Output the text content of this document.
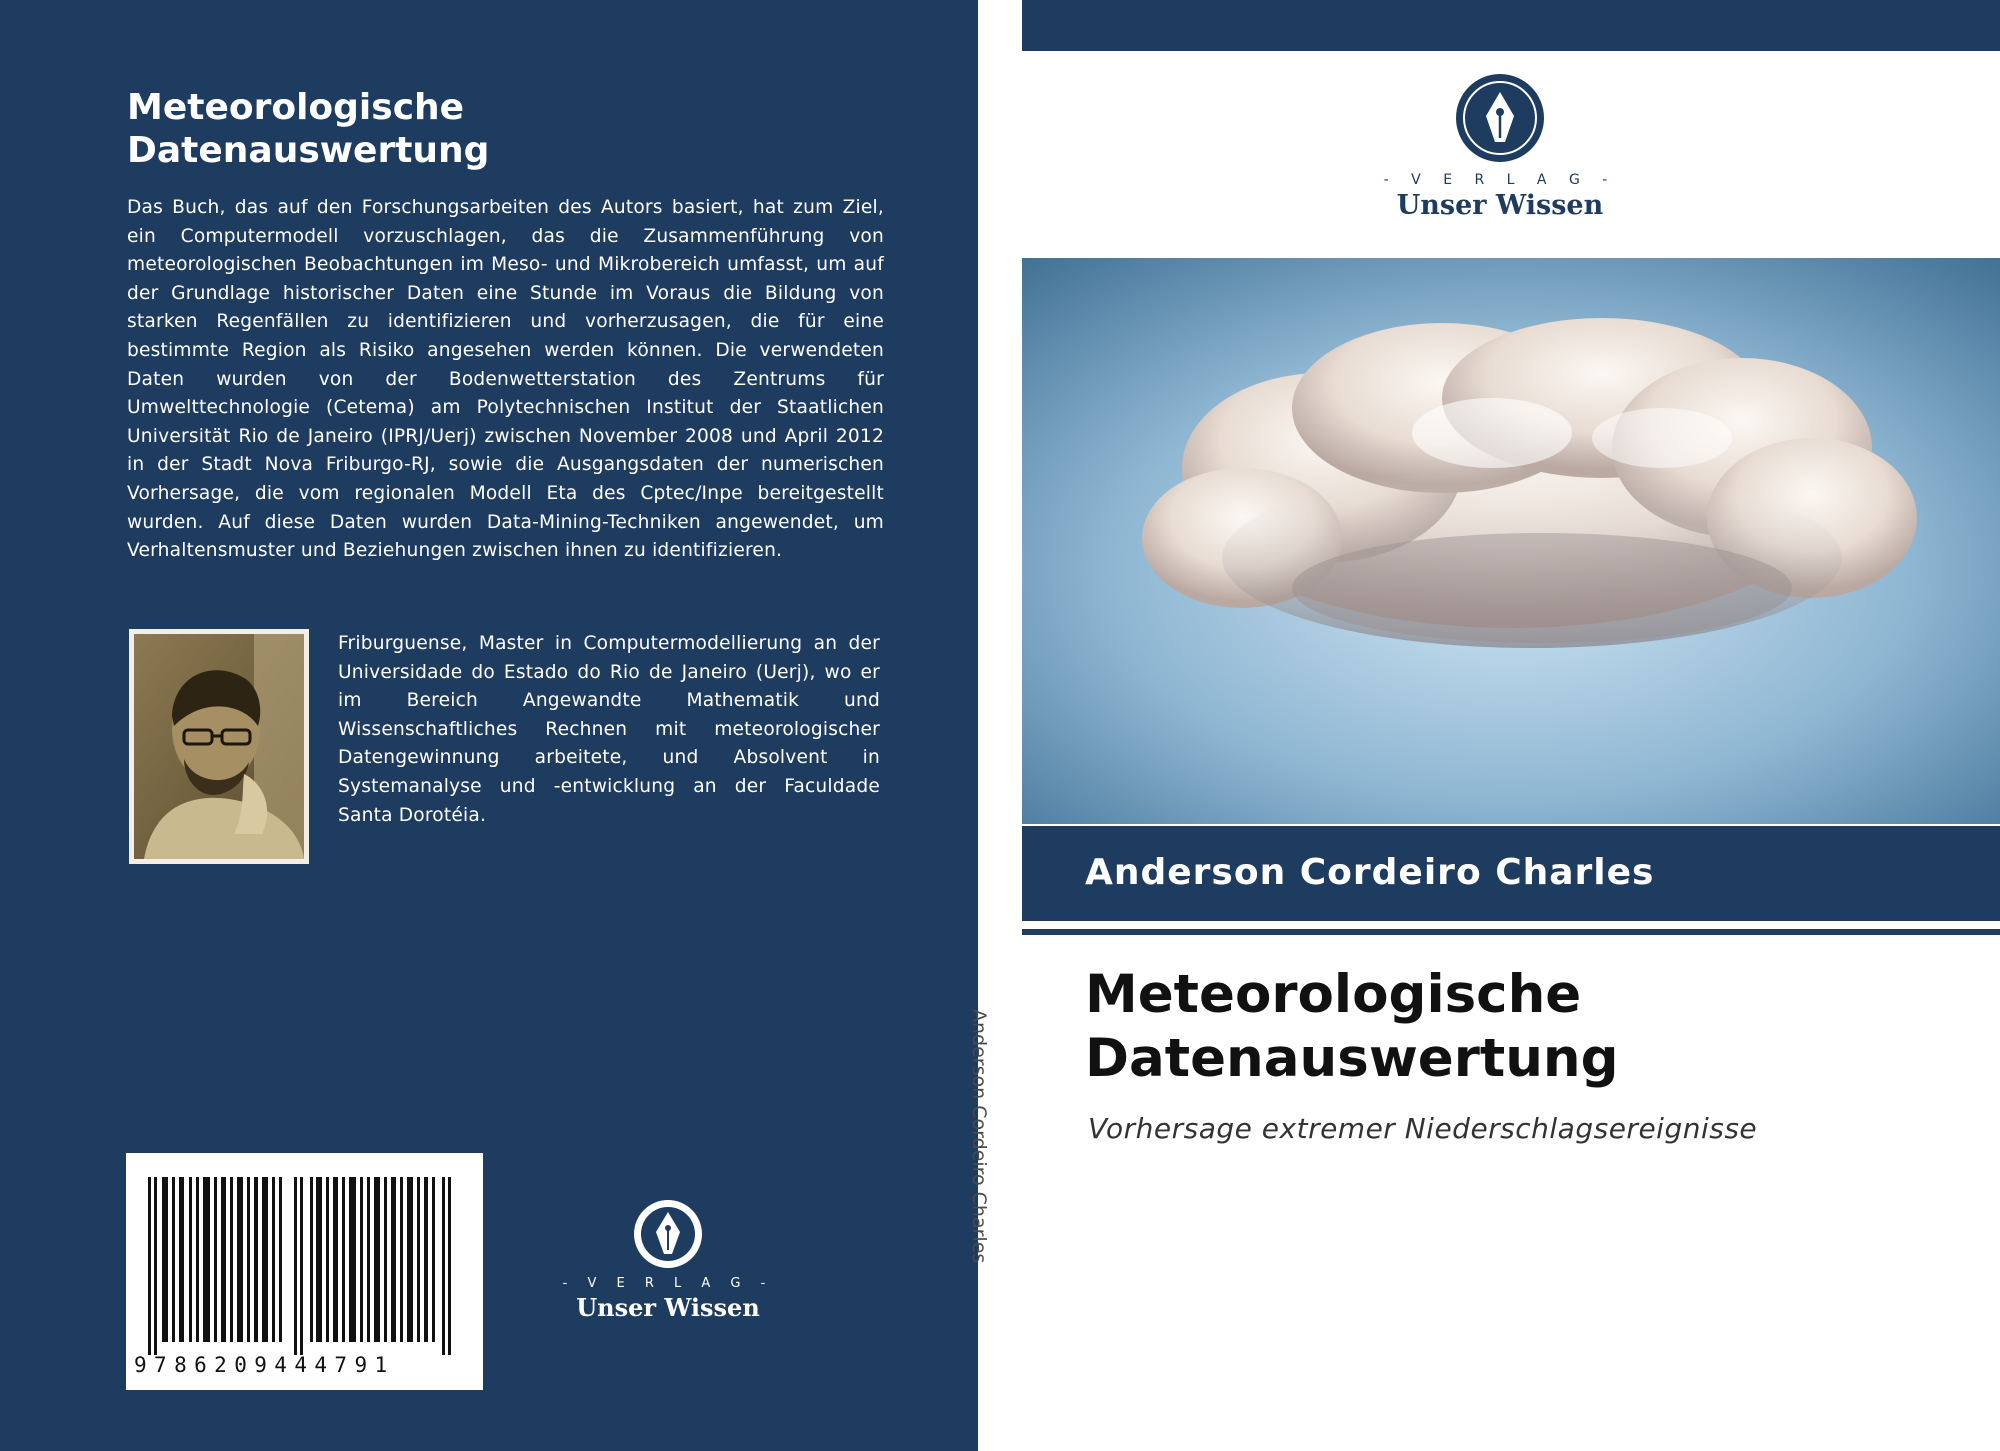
Meteorologische
Datenauswertung
Das Buch, das auf den Forschungsarbeiten des Autors basiert, hat zum Ziel, ein Computermodell vorzuschlagen, das die Zusammenführung von meteorologischen Beobachtungen im Meso- und Mikrobereich umfasst, um auf der Grundlage historischer Daten eine Stunde im Voraus die Bildung von starken Regenfällen zu identifizieren und vorherzusagen, die für eine bestimmte Region als Risiko angesehen werden können. Die verwendeten Daten wurden von der Bodenwetterstation des Zentrums für Umwelttechnologie (Cetema) am Polytechnischen Institut der Staatlichen Universität Rio de Janeiro (IPRJ/Uerj) zwischen November 2008 und April 2012 in der Stadt Nova Friburgo-RJ, sowie die Ausgangsdaten der numerischen Vorhersage, die vom regionalen Modell Eta des Cptec/Inpe bereitgestellt wurden. Auf diese Daten wurden Data-Mining-Techniken angewendet, um Verhaltensmuster und Beziehungen zwischen ihnen zu identifizieren.
Friburguense, Master in Computermodellierung an der Universidade do Estado do Rio de Janeiro (Uerj), wo er im Bereich Angewandte Mathematik und Wissenschaftliches Rechnen mit meteorologischer Datengewinnung arbeitete, und Absolvent in Systemanalyse und -entwicklung an der Faculdade Santa Dorotéia.
9786209444791
- V E R L A G -
Unser Wissen
Anderson Cordeiro Charles
- V E R L A G -
Unser Wissen
Anderson Cordeiro Charles
Meteorologische
Datenauswertung
Vorhersage extremer Niederschlagsereignisse
